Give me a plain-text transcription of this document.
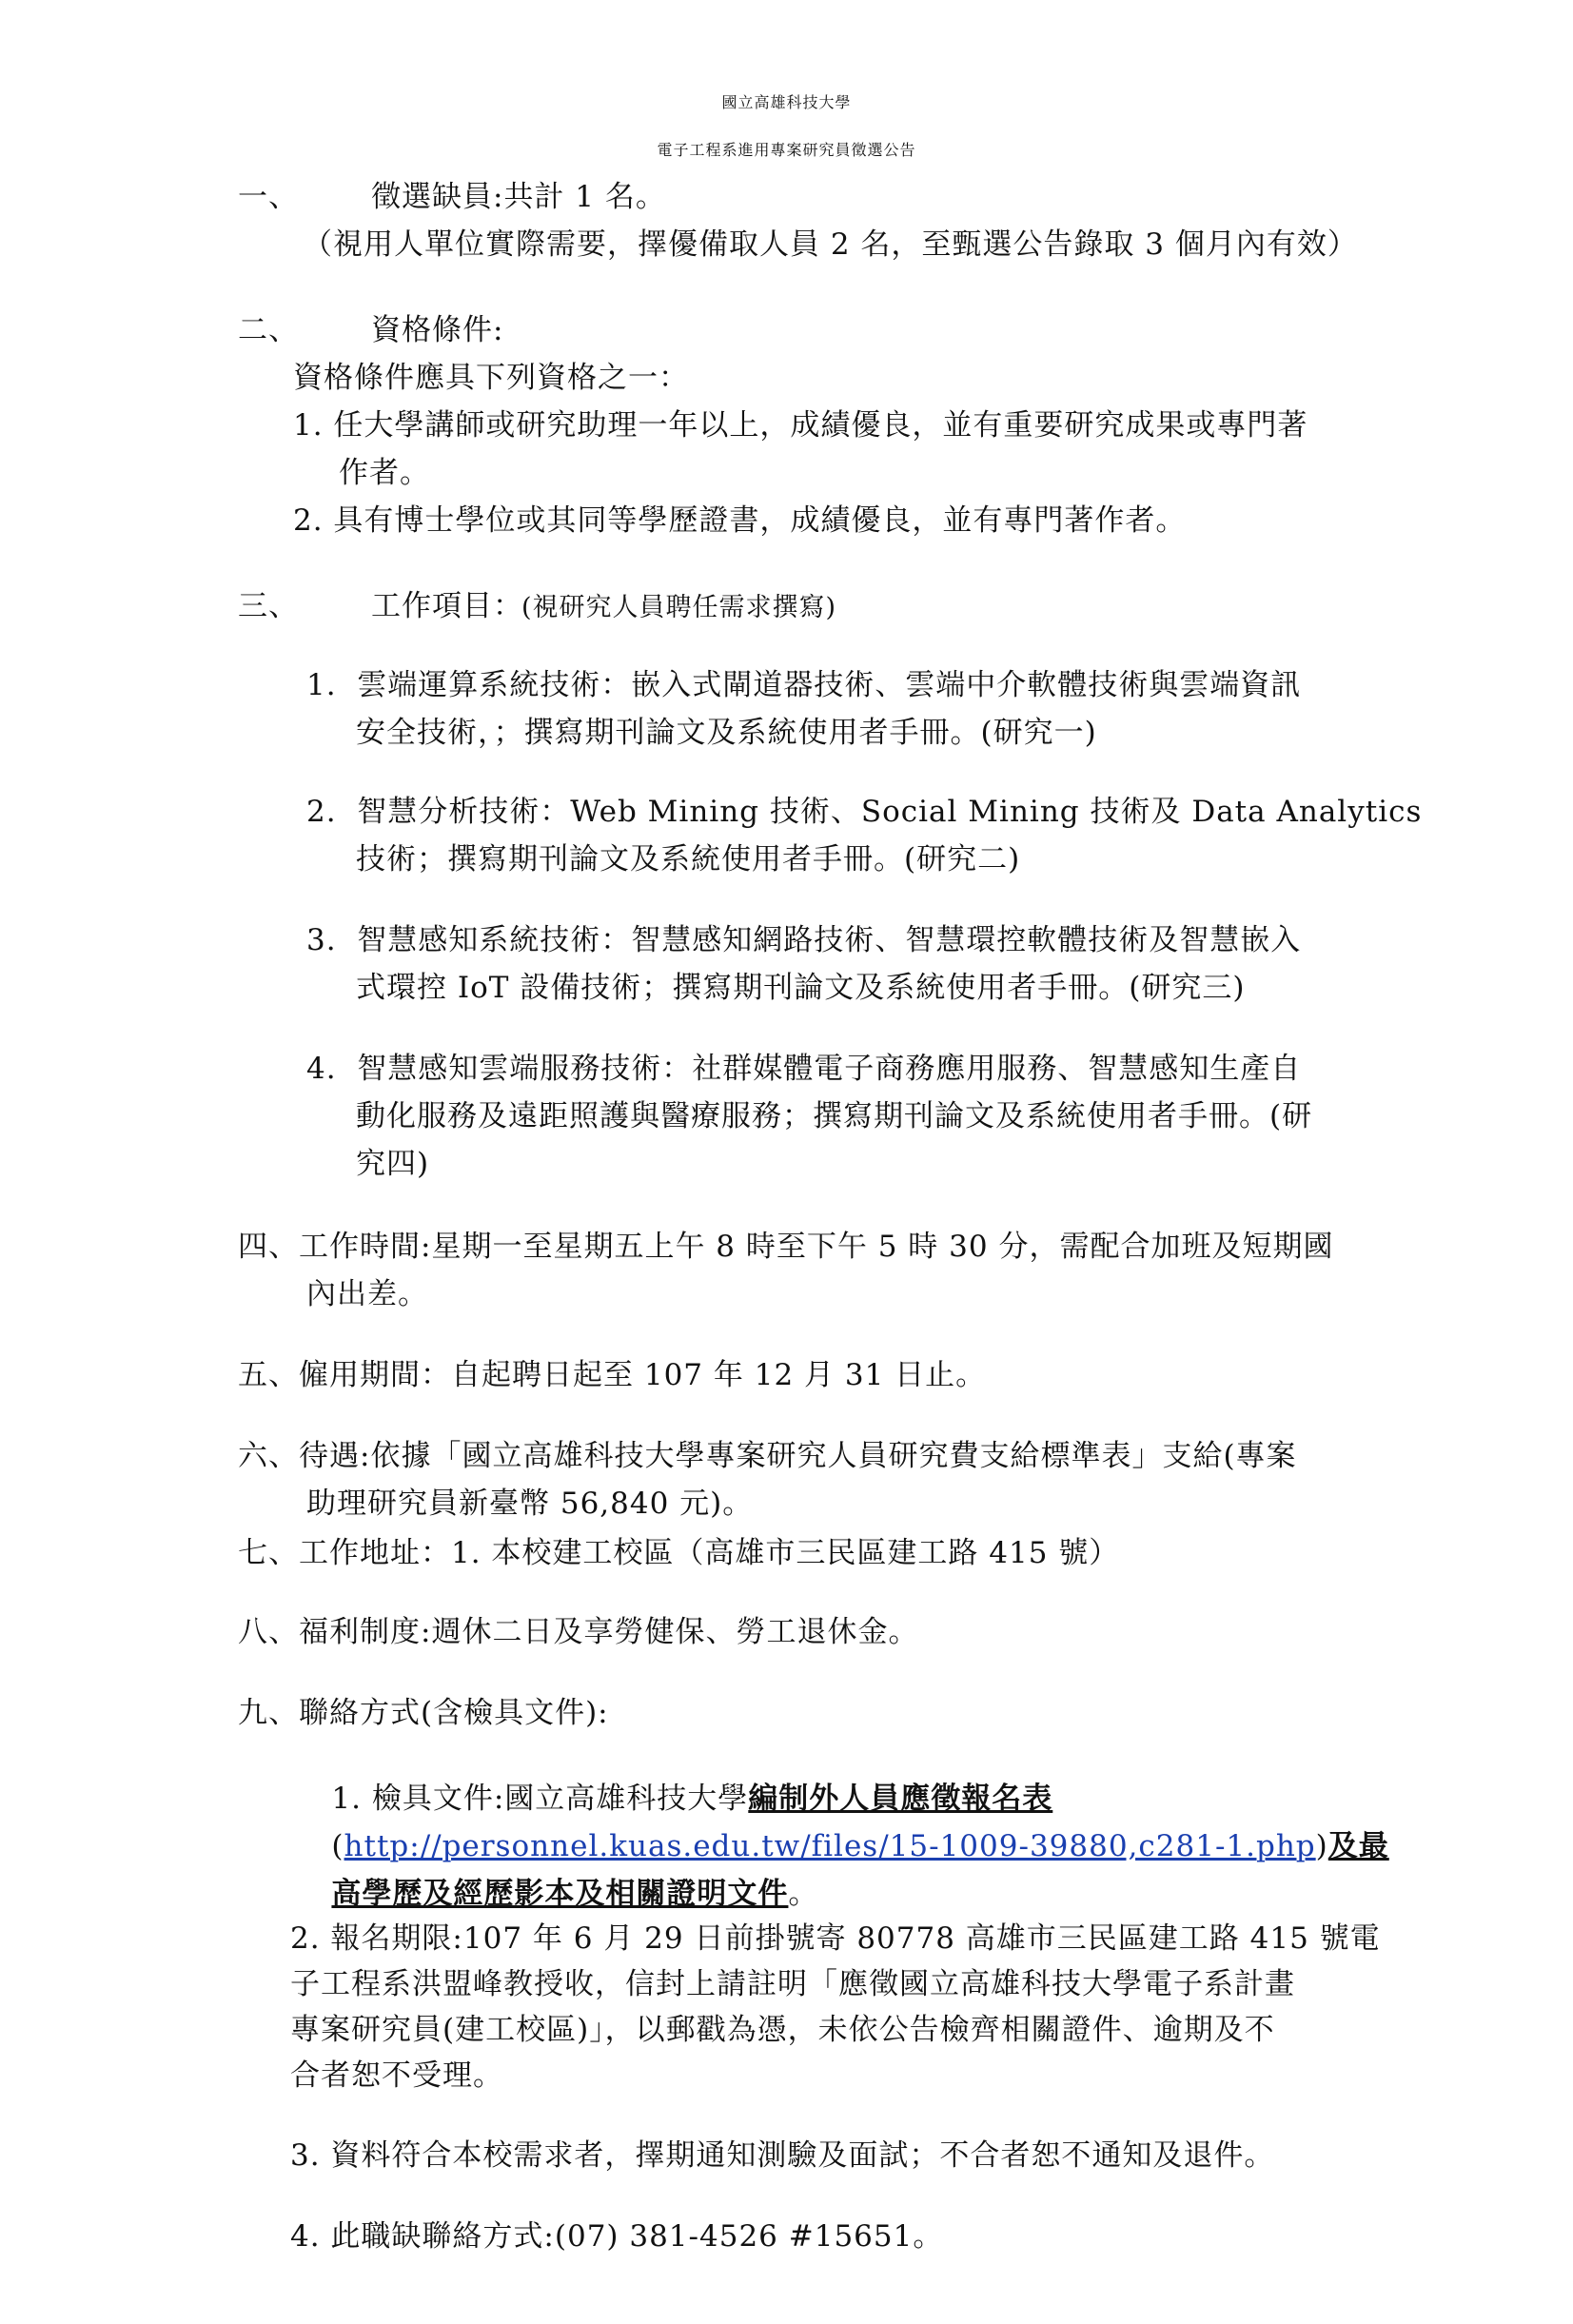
國立高雄科技大學
電子工程系進用專案研究員徵選公告
一、 徵選缺員:共計 1 名。
（視用人單位實際需要，擇優備取人員 2 名，至甄選公告錄取 3 個月內有效）
二、 資格條件:
資格條件應具下列資格之一：
1. 任大學講師或研究助理一年以上，成績優良，並有重要研究成果或專門著
作者。
2. 具有博士學位或其同等學歷證書，成績優良，並有專門著作者。
三、 工作項目：
(視研究人員聘任需求撰寫)
1.  雲端運算系統技術：嵌入式閘道器技術、雲端中介軟體技術與雲端資訊
安全技術，；撰寫期刊論文及系統使用者手冊。(研究一)
2.  智慧分析技術：Web Mining 技術、Social Mining 技術及 Data Analytics
技術；撰寫期刊論文及系統使用者手冊。(研究二)
3.  智慧感知系統技術：智慧感知網路技術、智慧環控軟體技術及智慧嵌入
式環控 IoT 設備技術；撰寫期刊論文及系統使用者手冊。(研究三)
4.  智慧感知雲端服務技術：社群媒體電子商務應用服務、智慧感知生產自
動化服務及遠距照護與醫療服務；撰寫期刊論文及系統使用者手冊。(研
究四)
四、工作時間:星期一至星期五上午 8 時至下午 5 時 30 分，需配合加班及短期國
內出差。
五、僱用期間：自起聘日起至 107 年 12 月 31 日止。
六、待遇:依據「國立高雄科技大學專案研究人員研究費支給標準表」支給(專案
助理研究員新臺幣 56,840 元)。
七、工作地址：1. 本校建工校區（高雄市三民區建工路 415 號）
八、福利制度:週休二日及享勞健保、勞工退休金。
九、聯絡方式(含檢具文件):

1. 檢具文件:國立高雄科技大學編制外人員應徵報名表

(http://personnel.kuas.edu.tw/files/15-1009-39880,c281-1.php)及最

高學歷及經歷影本及相關證明文件。

2. 報名期限:107 年 6 月 29 日前掛號寄 80778 高雄市三民區建工路 415 號電
子工程系洪盟峰教授收，信封上請註明「應徵國立高雄科技大學電子系計畫
專案研究員(建工校區)」，以郵戳為憑，未依公告檢齊相關證件、逾期及不
合者恕不受理。
3. 資料符合本校需求者，擇期通知測驗及面試；不合者恕不通知及退件。
4. 此職缺聯絡方式:(07) 381-4526 #15651。
